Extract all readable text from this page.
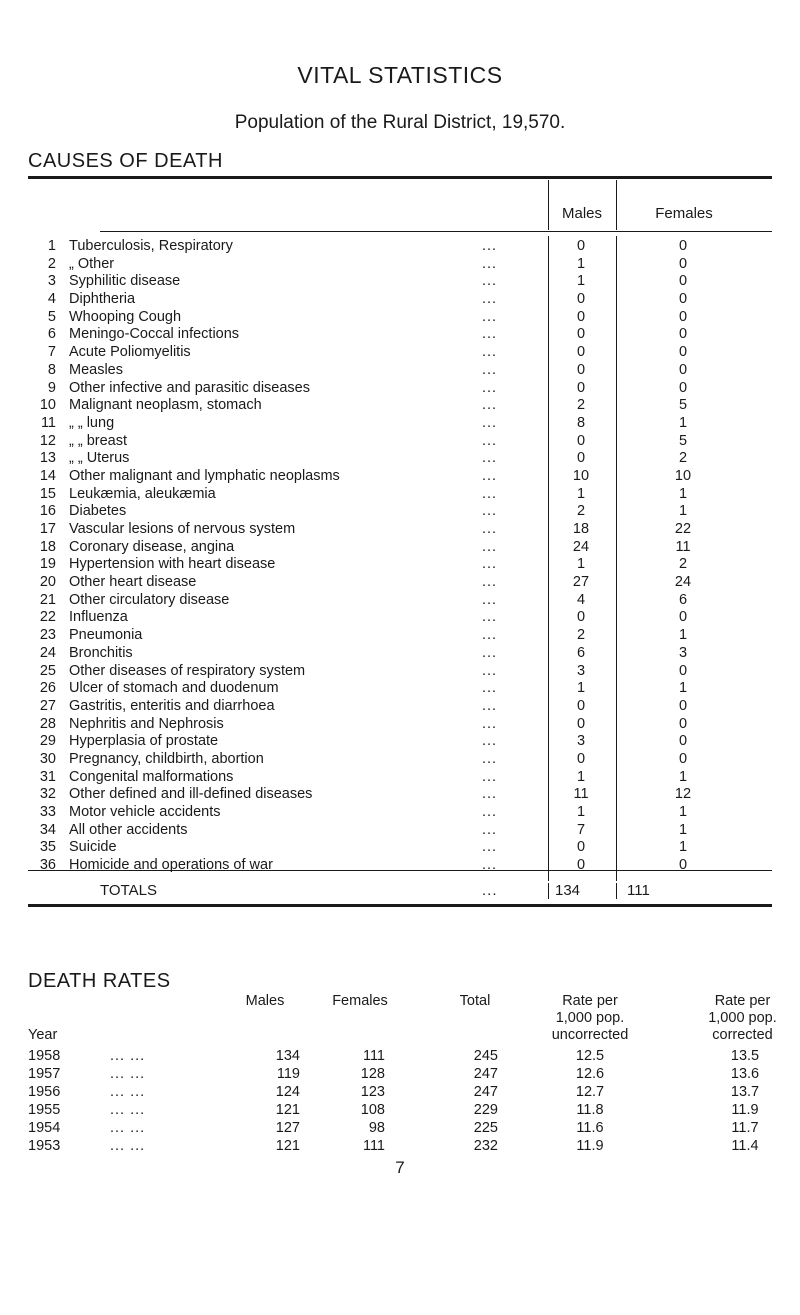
VITAL STATISTICS
Population of the Rural District, 19,570.
CAUSES OF DEATH
Males	Females
1 Tuberculosis, Respiratory	...	0	0
2 „ Other	...	1	0
3 Syphilitic disease	...	1	0
4 Diphtheria	...	0	0
5 Whooping Cough	...	0	0
6 Meningo-Coccal infections	...	0	0
7 Acute Poliomyelitis	...	0	0
8 Measles	...	0	0
9 Other infective and parasitic diseases	...	0	0
10 Malignant neoplasm, stomach	...	2	5
11 „ „ lung	...	8	1
12 „ „ breast	...	0	5
13 „ „ Uterus	...	0	2
14 Other malignant and lymphatic neoplasms	...	10	10
15 Leukæmia, aleukæmia	...	1	1
16 Diabetes	...	2	1
17 Vascular lesions of nervous system	...	18	22
18 Coronary disease, angina	...	24	11
19 Hypertension with heart disease	...	1	2
20 Other heart disease	...	27	24
21 Other circulatory disease	...	4	6
22 Influenza	...	0	0
23 Pneumonia	...	2	1
24 Bronchitis	...	6	3
25 Other diseases of respiratory system	...	3	0
26 Ulcer of stomach and duodenum	...	1	1
27 Gastritis, enteritis and diarrhoea	...	0	0
28 Nephritis and Nephrosis	...	0	0
29 Hyperplasia of prostate	...	3	0
30 Pregnancy, childbirth, abortion	...	0	0
31 Congenital malformations	...	1	1
32 Other defined and ill-defined diseases	...	11	12
33 Motor vehicle accidents	...	1	1
34 All other accidents	...	7	1
35 Suicide	...	0	1
36 Homicide and operations of war	...	0	0
TOTALS	...	134	111
DEATH RATES
Males	Females	Total	Rate per
1,000 pop.
uncorrected
Rate per
1,000 pop.
corrected
Year
1958	... ...	134	111	245	12.5	13.5
1957	... ...	119	128	247	12.6	13.6
1956	... ...	124	123	247	12.7	13.7
1955	... ...	121	108	229	11.8	11.9
1954	... ...	127	98	225	11.6	11.7
1953	... ...	121	111	232	11.9	11.4
7
